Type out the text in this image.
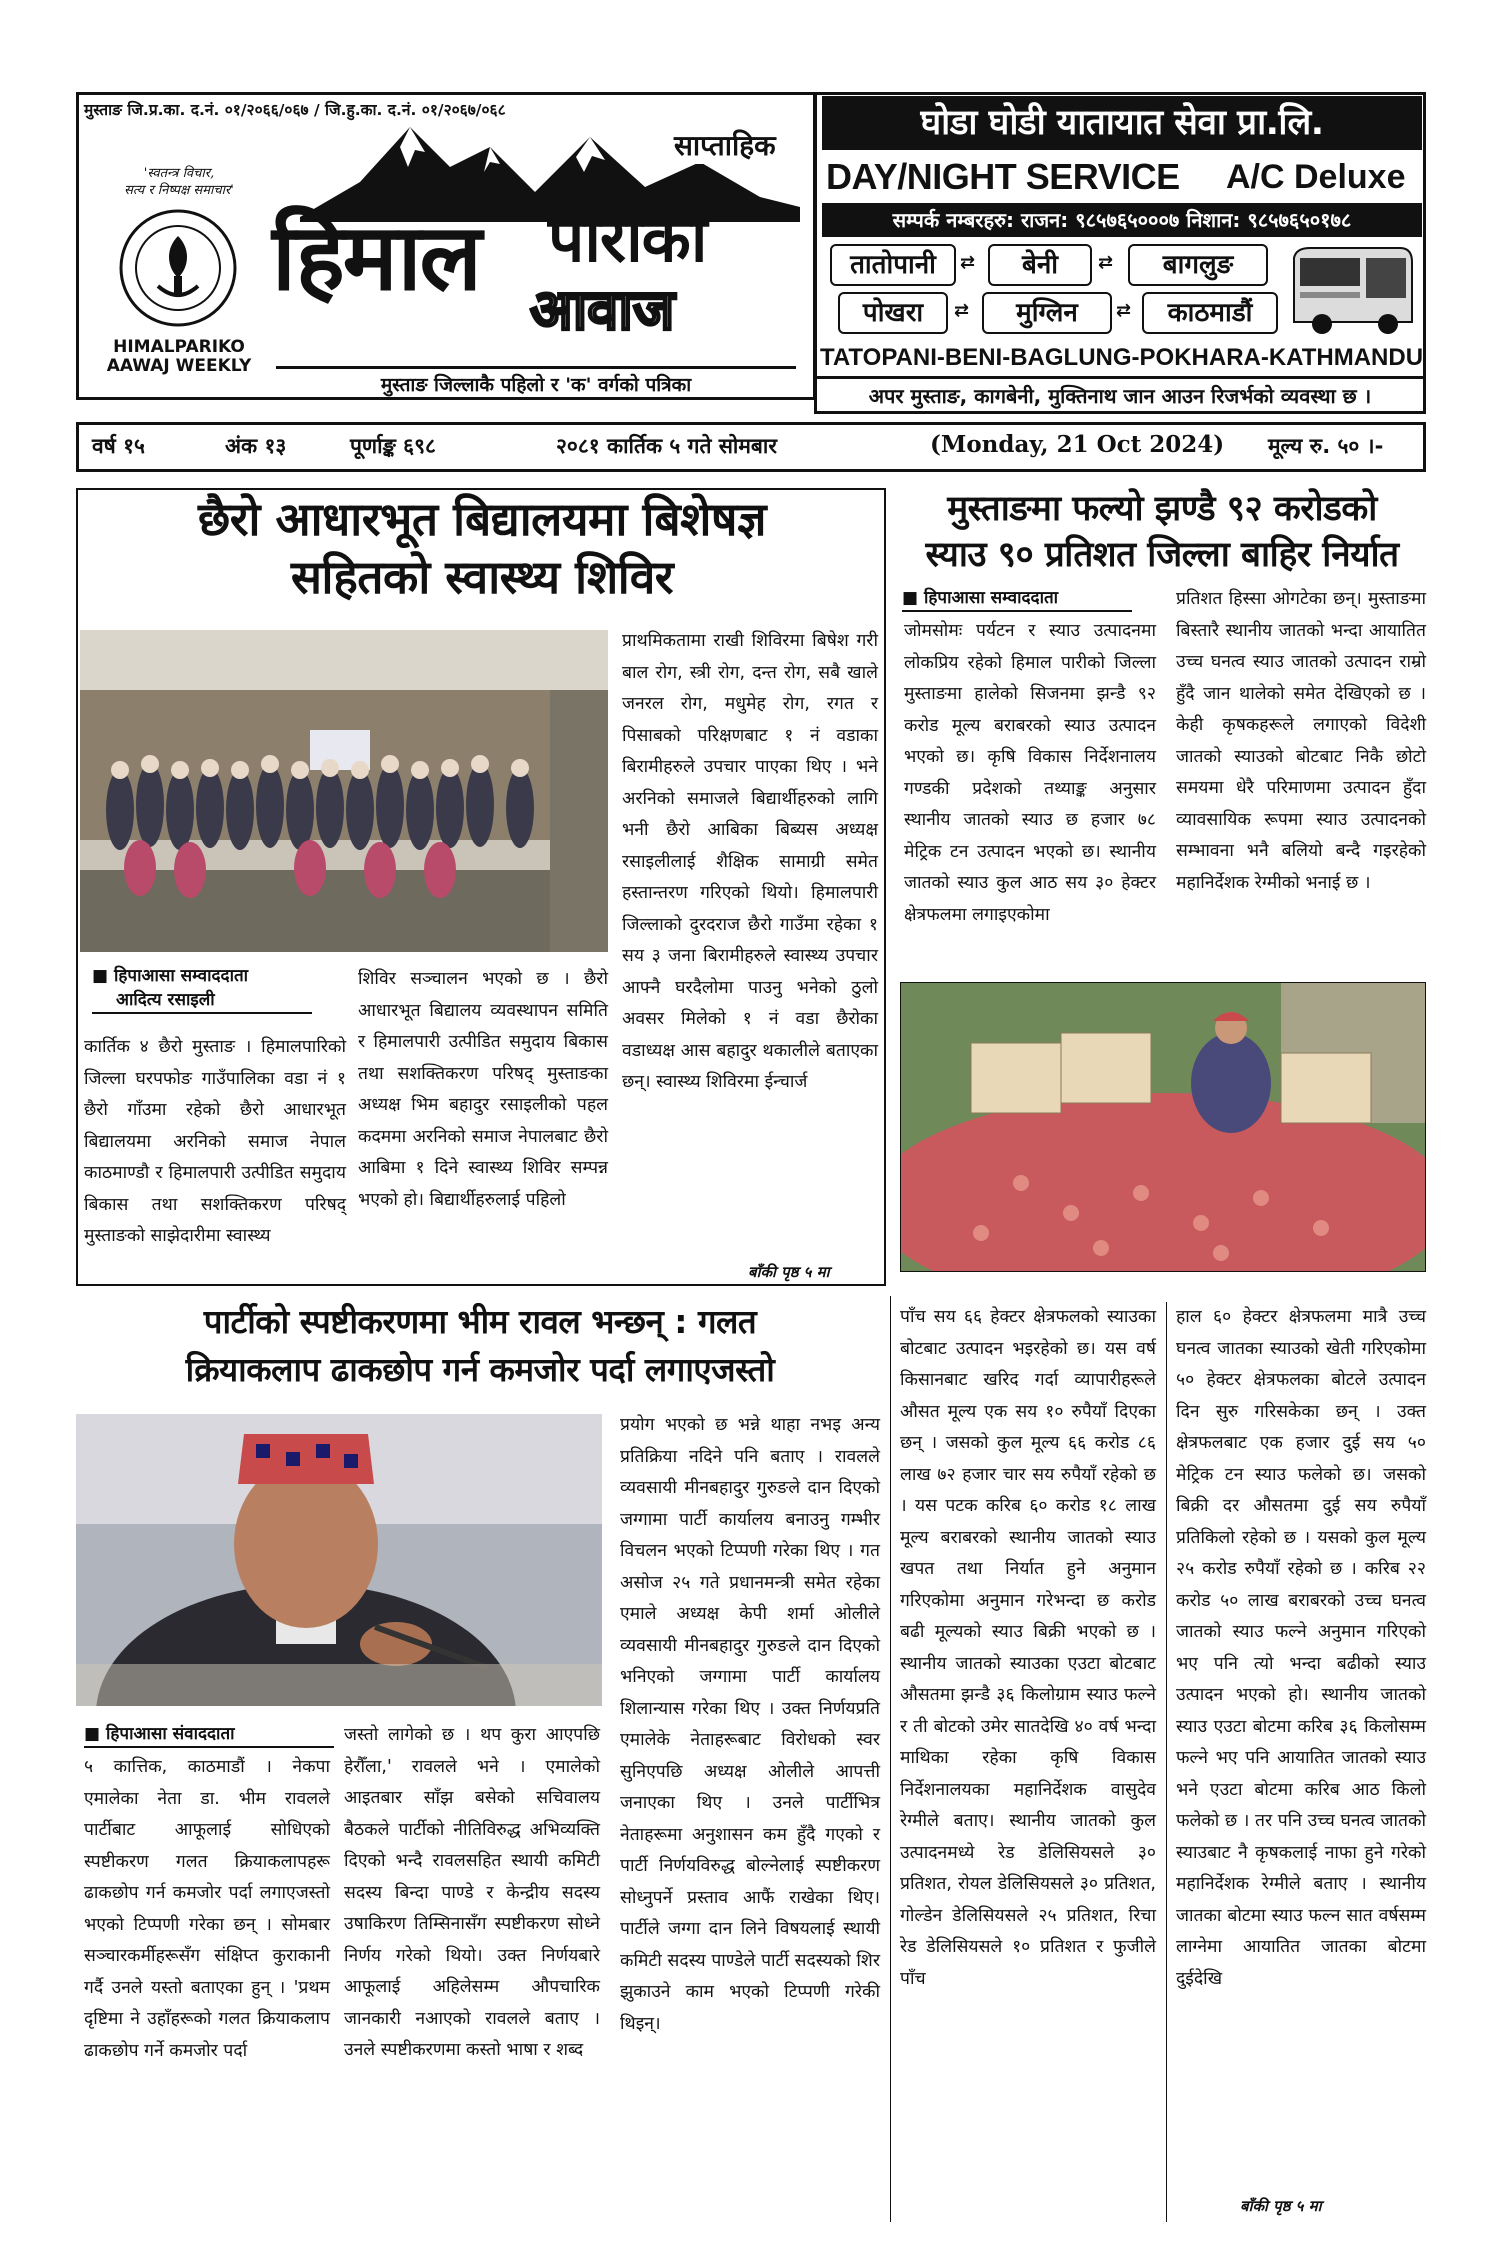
मुस्ताङ जि.प्र.का. द.नं. ०१/२०६६/०६७ / जि.हु.का. द.नं. ०१/२०६७/०६८
'स्वतन्त्र विचार,
सत्य र निष्पक्ष समाचार'
HIMALPARIKO
AAWAJ WEEKLY
साप्ताहिक
हिमाल पारीको
आवाज
मुस्ताङ जिल्लाकै पहिलो र 'क' वर्गको पत्रिका
घोडा घोडी यातायात सेवा प्रा.लि.
DAY/NIGHT SERVICE A/C Deluxe
सम्पर्क नम्बरहरु: राजन: ९८५७६५०००७ निशान: ९८५७६५०१७८
तातोपानी	⇄	बेनी	⇄	बागलुङ
पोखरा	⇄	मुग्लिन	⇄	काठमाडौं
TATOPANI-BENI-BAGLUNG-POKHARA-KATHMANDU
अपर मुस्ताङ, कागबेनी, मुक्तिनाथ जान आउन रिजर्भको व्यवस्था छ ।
वर्ष १५	अंक १३	पूर्णाङ्क ६९८	२०८१ कार्तिक ५ गते सोमबार	(Monday, 21 Oct 2024) मूल्य रु. ५० ।-
छैरो आधारभूत बिद्यालयमा बिशेषज्ञ
सहितको स्वास्थ्य शिविर
■ हिपाआसा सम्वाददाता
आदित्य रसाइली
कार्तिक ४ छैरो मुस्ताङ । हिमालपारिको जिल्ला घरपफोङ गाउँपालिका वडा नं १ छैरो गाँउमा रहेको छैरो आधारभूत बिद्यालयमा अरनिको समाज नेपाल काठमाण्डौ र हिमालपारी उत्पीडित समुदाय बिकास तथा सशक्तिकरण परिषद् मुस्ताङको साझेदारीमा स्वास्थ्य
शिविर सञ्चालन भएको छ । छैरो आधारभूत बिद्यालय व्यवस्थापन समिति र हिमालपारी उत्पीडित समुदाय बिकास तथा सशक्तिकरण परिषद् मुस्ताङका अध्यक्ष भिम बहादुर रसाइलीको पहल कदममा अरनिको समाज नेपालबाट छैरो आबिमा १ दिने स्वास्थ्य शिविर सम्पन्न भएको हो। बिद्यार्थीहरुलाई पहिलो
प्राथमिकतामा राखी शिविरमा बिषेश गरी बाल रोग, स्त्री रोग, दन्त रोग, सबै खाले जनरल रोग, मधुमेह रोग, रगत र पिसाबको परिक्षणबाट १ नं वडाका बिरामीहरुले उपचार पाएका थिए । भने अरनिको समाजले बिद्यार्थीहरुको लागि भनी छैरो आबिका बिब्यस अध्यक्ष रसाइलीलाई शैक्षिक सामाग्री समेत हस्तान्तरण गरिएको थियो। हिमालपारी जिल्लाको दुरदराज छैरो गाउँमा रहेका १ सय ३ जना बिरामीहरुले स्वास्थ्य उपचार आफ्नै घरदैलोमा पाउनु भनेको ठुलो अवसर मिलेको १ नं वडा छैरोका वडाध्यक्ष आस बहादुर थकालीले बताएका छन्। स्वास्थ्य शिविरमा ईन्चार्ज
बाँकी पृष्ठ ५ मा
मुस्ताङमा फल्यो झण्डै ९२ करोडको
स्याउ ९० प्रतिशत जिल्ला बाहिर निर्यात
■ हिपाआसा सम्वाददाता
जोमसोमः पर्यटन र स्याउ उत्पादनमा लोकप्रिय रहेको हिमाल पारीको जिल्ला मुस्ताङमा हालेको सिजनमा झन्डै ९२ करोड मूल्य बराबरको स्याउ उत्पादन भएको छ। कृषि विकास निर्देशनालय गण्डकी प्रदेशको तथ्याङ्क अनुसार स्थानीय जातको स्याउ छ हजार ७८ मेट्रिक टन उत्पादन भएको छ। स्थानीय जातको स्याउ कुल आठ सय ३० हेक्टर क्षेत्रफलमा लगाइएकोमा
प्रतिशत हिस्सा ओगटेका छन्। मुस्ताङमा बिस्तारै स्थानीय जातको भन्दा आयातित उच्च घनत्व स्याउ जातको उत्पादन राम्रो हुँदै जान थालेको समेत देखिएको छ । केही कृषकहरूले लगाएको विदेशी जातको स्याउको बोटबाट निकै छोटो समयमा धेरै परिमाणमा उत्पादन हुँदा व्यावसायिक रूपमा स्याउ उत्पादनको सम्भावना भनै बलियो बन्दै गइरहेको महानिर्देशक रेग्मीको भनाई छ ।
पाँच सय ६६ हेक्टर क्षेत्रफलको स्याउका बोटबाट उत्पादन भइरहेको छ। यस वर्ष किसानबाट खरिद गर्दा व्यापारीहरूले औसत मूल्य एक सय १० रुपैयाँ दिएका छन् । जसको कुल मूल्य ६६ करोड ८६ लाख ७२ हजार चार सय रुपैयाँ रहेको छ । यस पटक करिब ६० करोड १८ लाख मूल्य बराबरको स्थानीय जातको स्याउ खपत तथा निर्यात हुने अनुमान गरिएकोमा अनुमान गरेभन्दा छ करोड बढी मूल्यको स्याउ बिक्री भएको छ । स्थानीय जातको स्याउका एउटा बोटबाट औसतमा झन्डै ३६ किलोग्राम स्याउ फल्ने र ती बोटको उमेर सातदेखि ४० वर्ष भन्दा माथिका रहेका कृषि विकास निर्देशनालयका महानिर्देशक वासुदेव रेग्मीले बताए। स्थानीय जातको कुल उत्पादनमध्ये रेड डेलिसियसले ३० प्रतिशत, रोयल डेलिसियसले ३० प्रतिशत, गोल्डेन डेलिसियसले २५ प्रतिशत, रिचा रेड डेलिसियसले १० प्रतिशत र फुजीले पाँच
हाल ६० हेक्टर क्षेत्रफलमा मात्रै उच्च घनत्व जातका स्याउको खेती गरिएकोमा ५० हेक्टर क्षेत्रफलका बोटले उत्पादन दिन सुरु गरिसकेका छन् । उक्त क्षेत्रफलबाट एक हजार दुई सय ५० मेट्रिक टन स्याउ फलेको छ। जसको बिक्री दर औसतमा दुई सय रुपैयाँ प्रतिकिलो रहेको छ । यसको कुल मूल्य २५ करोड रुपैयाँ रहेको छ । करिब २२ करोड ५० लाख बराबरको उच्च घनत्व जातको स्याउ फल्ने अनुमान गरिएको भए पनि त्यो भन्दा बढीको स्याउ उत्पादन भएको हो। स्थानीय जातको स्याउ एउटा बोटमा करिब ३६ किलोसम्म फल्ने भए पनि आयातित जातको स्याउ भने एउटा बोटमा करिब आठ किलो फलेको छ । तर पनि उच्च घनत्व जातको स्याउबाट नै कृषकलाई नाफा हुने गरेको महानिर्देशक रेग्मीले बताए । स्थानीय जातका बोटमा स्याउ फल्न सात वर्षसम्म लाग्नेमा आयातित जातका बोटमा दुईदेखि
बाँकी पृष्ठ ५ मा
पार्टीको स्पष्टीकरणमा भीम रावल भन्छन् : गलत
क्रियाकलाप ढाकछोप गर्न कमजोर पर्दा लगाएजस्तो
■ हिपाआसा संवाददाता
५ कात्तिक, काठमाडौं । नेकपा एमालेका नेता डा. भीम रावलले पार्टीबाट आफूलाई सोधिएको स्पष्टीकरण गलत क्रियाकलापहरू ढाकछोप गर्न कमजोर पर्दा लगाएजस्तो भएको टिप्पणी गरेका छन् । सोमबार सञ्चारकर्मीहरूसँग संक्षिप्त कुराकानी गर्दै उनले यस्तो बताएका हुन् । 'प्रथम दृष्टिमा ने उहाँहरूको गलत क्रियाकलाप ढाकछोप गर्ने कमजोर पर्दा
जस्तो लागेको छ । थप कुरा आएपछि हेरौँला,' रावलले भने । एमालेको आइतबार साँझ बसेको सचिवालय बैठकले पार्टीको नीतिविरुद्ध अभिव्यक्ति दिएको भन्दै रावलसहित स्थायी कमिटी सदस्य बिन्दा पाण्डे र केन्द्रीय सदस्य उषाकिरण तिम्सिनासँग स्पष्टीकरण सोध्ने निर्णय गरेको थियो। उक्त निर्णयबारे आफूलाई अहिलेसम्म औपचारिक जानकारी नआएको रावलले बताए । उनले स्पष्टीकरणमा कस्तो भाषा र शब्द
प्रयोग भएको छ भन्ने थाहा नभइ अन्य प्रतिक्रिया नदिने पनि बताए । रावलले व्यवसायी मीनबहादुर गुरुङले दान दिएको जग्गामा पार्टी कार्यालय बनाउनु गम्भीर विचलन भएको टिप्पणी गरेका थिए । गत असोज २५ गते प्रधानमन्त्री समेत रहेका एमाले अध्यक्ष केपी शर्मा ओलीले व्यवसायी मीनबहादुर गुरुङले दान दिएको भनिएको जग्गामा पार्टी कार्यालय शिलान्यास गरेका थिए । उक्त निर्णयप्रति एमालेके नेताहरूबाट विरोधको स्वर सुनिएपछि अध्यक्ष ओलीले आपत्ती जनाएका थिए । उनले पार्टीभित्र नेताहरूमा अनुशासन कम हुँदै गएको र पार्टी निर्णयविरुद्ध बोल्नेलाई स्पष्टीकरण सोध्नुपर्ने प्रस्ताव आफैं राखेका थिए। पार्टीले जग्गा दान लिने विषयलाई स्थायी कमिटी सदस्य पाण्डेले पार्टी सदस्यको शिर झुकाउने काम भएको टिप्पणी गरेकी थिइन्।
